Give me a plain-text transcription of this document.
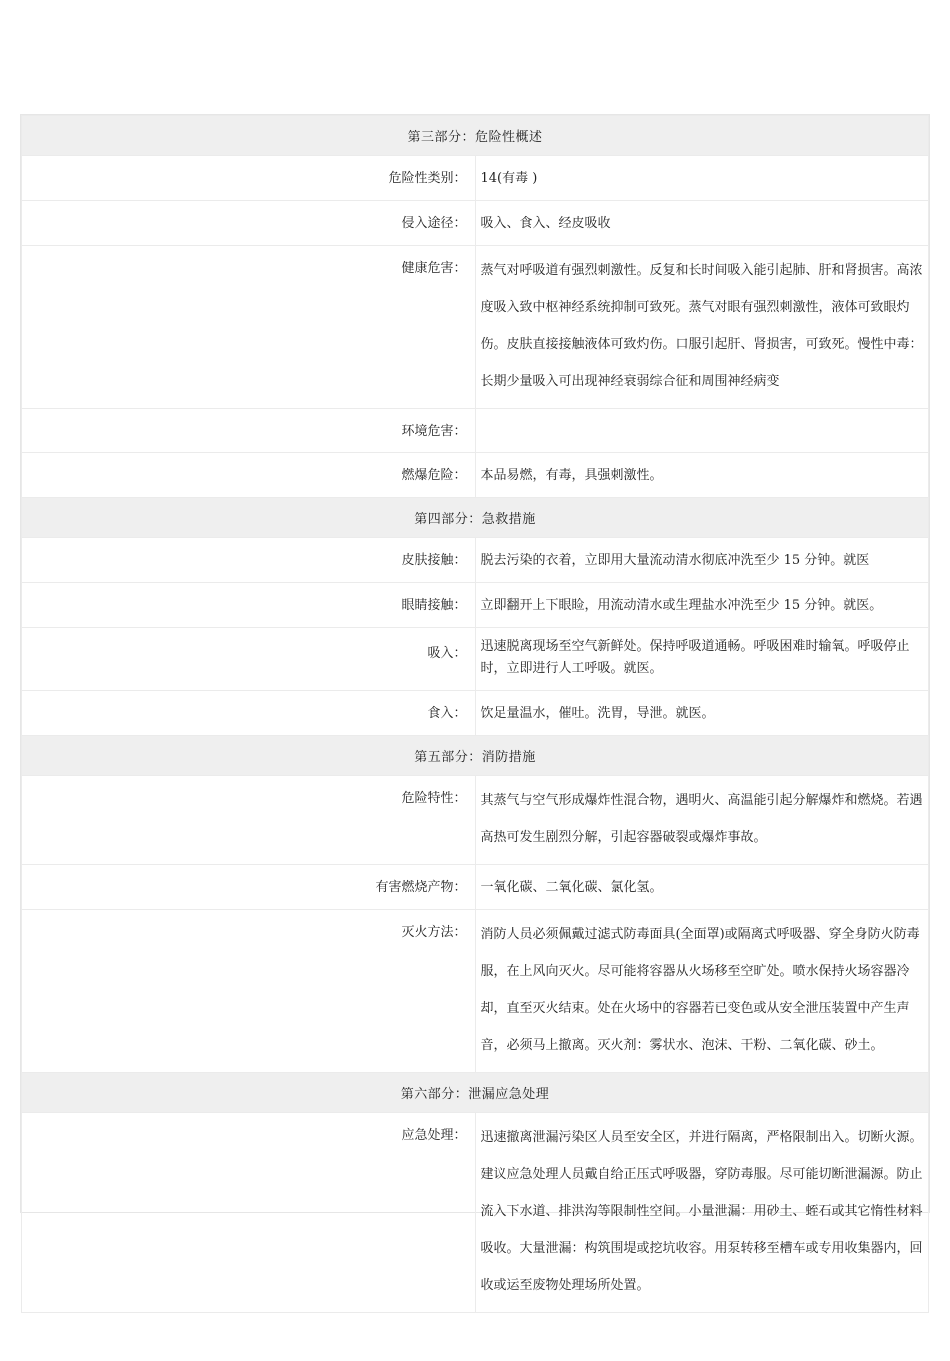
第三部分：危险性概述	
危险性类别：	14(有毒 )
侵入途径：	吸入、食入、经皮吸收
健康危害：	蒸气对呼吸道有强烈刺激性。反复和长时间吸入能引起肺、肝和肾损害。高浓度吸入致中枢神经系统抑制可致死。蒸气对眼有强烈刺激性，液体可致眼灼伤。皮肤直接接触液体可致灼伤。口服引起肝、肾损害，可致死。慢性中毒：长期少量吸入可出现神经衰弱综合征和周围神经病变
环境危害：	
燃爆危险：	本品易燃，有毒，具强刺激性。
第四部分：急救措施	
皮肤接触：	脱去污染的衣着，立即用大量流动清水彻底冲洗至少 15 分钟。就医
眼睛接触：	立即翻开上下眼睑，用流动清水或生理盐水冲洗至少 15 分钟。就医。
吸入：	迅速脱离现场至空气新鲜处。保持呼吸道通畅。呼吸困难时输氧。呼吸停止时，立即进行人工呼吸。就医。
食入：	饮足量温水，催吐。洗胃，导泄。就医。
第五部分：消防措施	
危险特性：	其蒸气与空气形成爆炸性混合物，遇明火、高温能引起分解爆炸和燃烧。若遇高热可发生剧烈分解，引起容器破裂或爆炸事故。
有害燃烧产物：	一氧化碳、二氧化碳、氯化氢。
灭火方法：	消防人员必须佩戴过滤式防毒面具(全面罩)或隔离式呼吸器、穿全身防火防毒服，在上风向灭火。尽可能将容器从火场移至空旷处。喷水保持火场容器冷却，直至灭火结束。处在火场中的容器若已变色或从安全泄压装置中产生声音，必须马上撤离。灭火剂：雾状水、泡沫、干粉、二氧化碳、砂土。
第六部分：泄漏应急处理	
应急处理：	迅速撤离泄漏污染区人员至安全区，并进行隔离，严格限制出入。切断火源。建议应急处理人员戴自给正压式呼吸器，穿防毒服。尽可能切断泄漏源。防止流入下水道、排洪沟等限制性空间。小量泄漏：用砂土、蛭石或其它惰性材料吸收。大量泄漏：构筑围堤或挖坑收容。用泵转移至槽车或专用收集器内，回收或运至废物处理场所处置。
